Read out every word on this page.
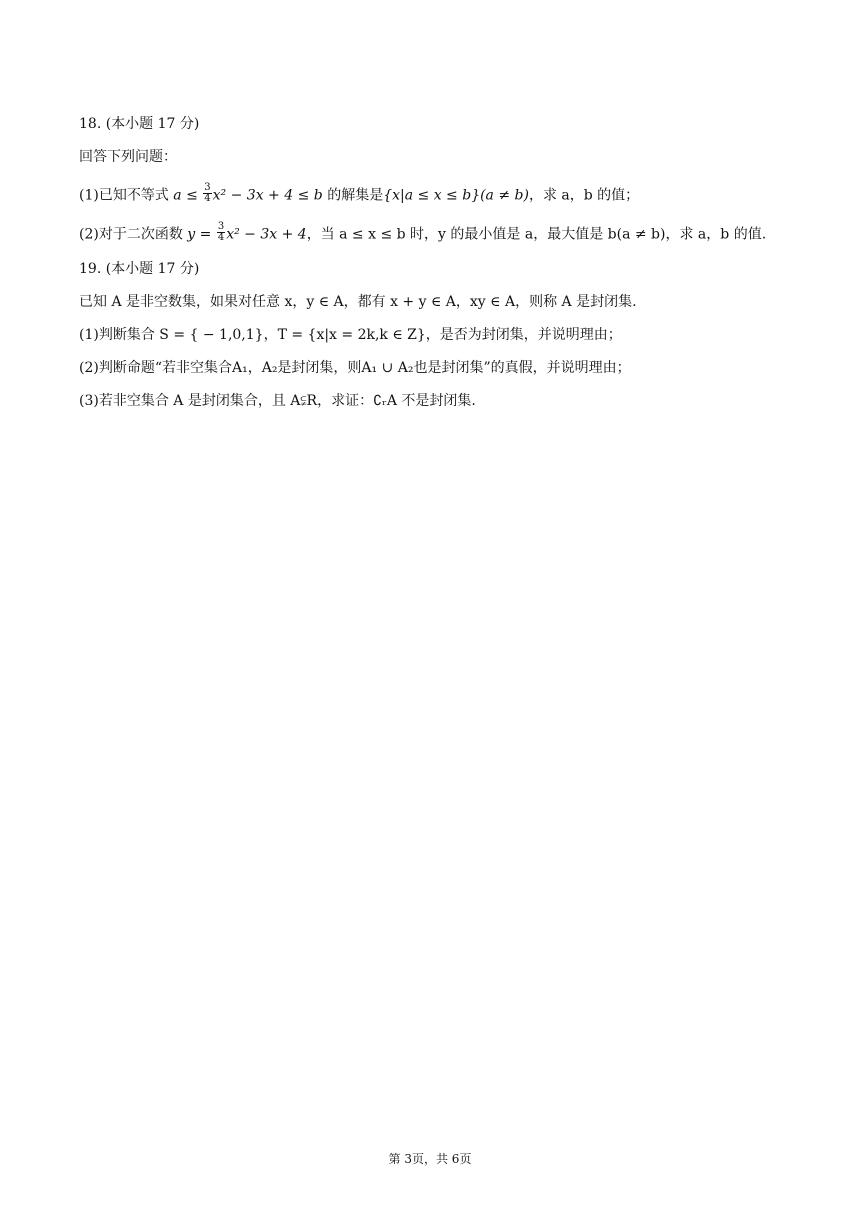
18. (本小题 17 分)
回答下列问题：
(1)已知不等式 $a \le \frac{3}{4} x^2 - 3x + 4 \le b$ 的解集是{x|a ≤ x ≤ b}(a ≠ b)，求 a，b 的值；
(2)对于二次函数 $y = \frac{3}{4} x^2 - 3x + 4$，当 a ≤ x ≤ b 时，y 的最小值是 a，最大值是 b(a ≠ b)，求 a，b 的值.
19. (本小题 17 分)
已知 A 是非空数集，如果对任意 x，y ∈ A，都有 x + y ∈ A，xy ∈ A，则称 A 是封闭集.
(1)判断集合 S = { − 1,0,1}，T = {x|x = 2k,k ∈ Z}，是否为封闭集，并说明理由；
(2)判断命题“若非空集合A₁，A₂是封闭集，则A₁ ∪ A₂也是封闭集”的真假，并说明理由；
(3)若非空集合 A 是封闭集合，且 A⫋R，求证：∁ᵣA 不是封闭集.
第 3页，共 6页
